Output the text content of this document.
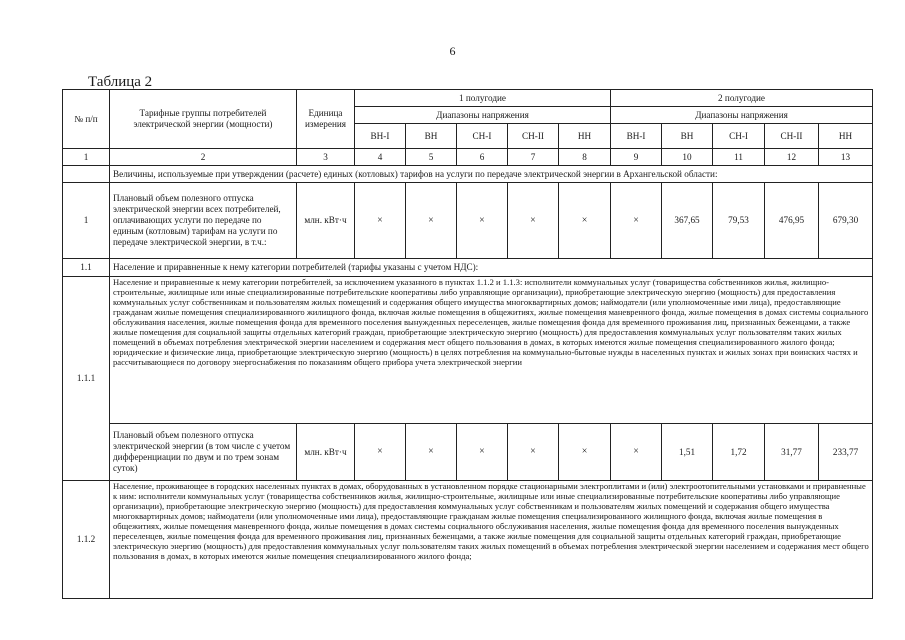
6
Таблица 2
№ п/п	Тарифные группы потребителей электрической энергии (мощности)	Единица измерения	1 полугодие					2 полугодие				
			Диапазоны напряжения					Диапазоны напряжения				
			ВН-I	ВН	СН-I	СН-II	НН	ВН-I	ВН	СН-I	СН-II	НН
1	2	3	4	5	6	7	8	9	10	11	12	13
	Величины, используемые при утверждении (расчете) единых (котловых) тарифов на услуги по передаче электрической энергии в Архангельской области:											
1	Плановый объем полезного отпуска электрической энергии всех потребителей, оплачивающих услуги по передаче по единым (котловым) тарифам на услуги по передаче электрической энергии, в т.ч.:	млн. кВт·ч	×	×	×	×	×	×	367,65	79,53	476,95	679,30
1.1	Население и приравненные к нему категории потребителей (тарифы указаны с учетом НДС):											
1.1.1	Население и приравненные к нему категории потребителей, за исключением указанного в пунктах 1.1.2 и 1.1.3: исполнители коммунальных услуг (товарищества собственников жилья, жилищно-строительные, жилищные или иные специализированные потребительские кооперативы либо управляющие организации), приобретающие электрическую энергию (мощность) для предоставления коммунальных услуг собственникам и пользователям жилых помещений и содержания общего имущества многоквартирных домов; наймодатели (или уполномоченные ими лица), предоставляющие гражданам жилые помещения специализированного жилищного фонда, включая жилые помещения в общежитиях, жилые помещения маневренного фонда, жилые помещения в домах системы социального обслуживания населения, жилые помещения фонда для временного поселения вынужденных переселенцев, жилые помещения фонда для временного проживания лиц, признанных беженцами, а также жилые помещения для социальной защиты отдельных категорий граждан, приобретающие электрическую энергию (мощность) для предоставления коммунальных услуг пользователям таких жилых помещений в объемах потребления электрической энергии населением и содержания мест общего пользования в домах, в которых имеются жилые помещения специализированного жилого фонда; юридические и физические лица, приобретающие электрическую энергию (мощность) в целях потребления на коммунально-бытовые нужды в населенных пунктах и жилых зонах при воинских частях и рассчитывающиеся по договору энергоснабжения по показаниям общего прибора учета электрической энергии											
	Плановый объем полезного отпуска электрической энергии (в том числе с учетом дифференциации по двум и по трем зонам суток)	млн. кВт·ч	×	×	×	×	×	×	1,51	1,72	31,77	233,77
1.1.2	Население, проживающее в городских населенных пунктах в домах, оборудованных в установленном порядке стационарными электроплитами и (или) электроотопительными установками и приравненные к ним: исполнители коммунальных услуг (товарищества собственников жилья, жилищно-строительные, жилищные или иные специализированные потребительские кооперативы либо управляющие организации), приобретающие электрическую энергию (мощность) для предоставления коммунальных услуг собственникам и пользователям жилых помещений и содержания общего имущества многоквартирных домов; наймодатели (или уполномоченные ими лица), предоставляющие гражданам жилые помещения специализированного жилищного фонда, включая жилые помещения в общежитиях, жилые помещения маневренного фонда, жилые помещения в домах системы социального обслуживания населения, жилые помещения фонда для временного поселения вынужденных переселенцев, жилые помещения фонда для временного проживания лиц, признанных беженцами, а также жилые помещения для социальной защиты отдельных категорий граждан, приобретающие электрическую энергию (мощность) для предоставления коммунальных услуг пользователям таких жилых помещений в объемах потребления электрической энергии населением и содержания мест общего пользования в домах, в которых имеются жилые помещения специализированного жилого фонда;											
